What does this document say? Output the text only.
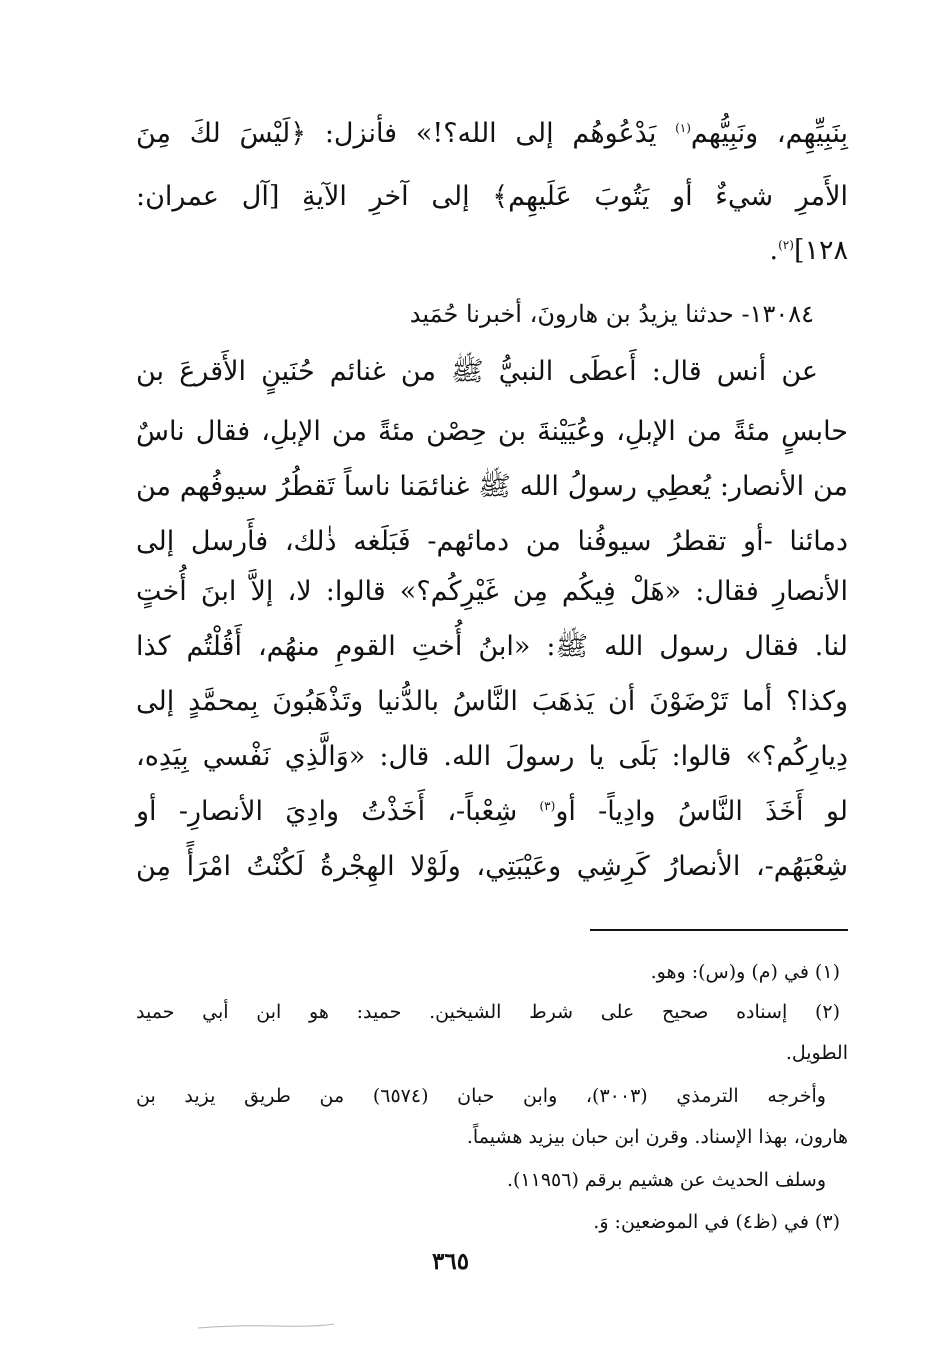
بِنَبِيِّهِم، ونَبِيُّهم$^{(١)}$ يَدْعُوهُم إلى الله؟!» فأنزل: ﴿لَيْسَ لكَ مِنَ

الأَمرِ شيءٌ أو يَتُوبَ عَلَيهِم﴾ إلى آخرِ الآيةِ [آل عمران:

١٢٨]$^{(٢)}$.

١٣٠٨٤- حدثنا يزيدُ بن هارونَ، أخبرنا حُمَيد

عن أنس قال: أَعطَى النبيُّ ﷺ من غنائم حُنَينٍ الأَقرعَ بن

حابسٍ مئةً من الإبلِ، وعُيَيْنةَ بن حِصْن مئةً من الإبلِ، فقال ناسٌ

من الأنصار: يُعطِي رسولُ الله ﷺ غنائمَنا ناساً تَقطُرُ سيوفُهم من

دمائنا -أو تقطرُ سيوفُنا من دمائهم- فَبَلَغه ذٰلك، فأَرسل إلى

الأنصارِ فقال: «هَلْ فِيكُم مِن غَيْرِكُم؟» قالوا: لا، إلاَّ ابنَ أُختٍ

لنا. فقال رسول الله ﷺ: «ابنُ أُختِ القومِ منهُم، أَقُلْتُم كذا

وكذا؟ أما تَرْضَوْنَ أن يَذهَبَ النَّاسُ بالدُّنيا وتَذْهَبُونَ بِمحمَّدٍ إلى

دِيارِكُم؟» قالوا: بَلَى يا رسولَ الله. قال: «وَالَّذِي نَفْسي بِيَدِه،

لو أَخَذَ النَّاسُ وادِياً- أو$^{(٣)}$ شِعْباً-، أَخَذْتُ وادِيَ الأنصارِ- أو

شِعْبَهُم-، الأنصارُ كَرِشِي وعَيْبَتِي، ولَوْلا الهِجْرةُ لَكُنْتُ امْرَأً مِن

(١) في (م) و(س): وهو.

(٢) إسناده صحيح على شرط الشيخين. حميد: هو ابن أبي حميد

الطويل.

وأخرجه الترمذي (٣٠٠٣)، وابن حبان (٦٥٧٤) من طريق يزيد بن

هارون، بهذا الإسناد. وقرن ابن حبان بيزيد هشيماً.

وسلف الحديث عن هشيم برقم (١١٩٥٦).

(٣) في (ظ٤) في الموضعين: وَ.

٣٦٥
